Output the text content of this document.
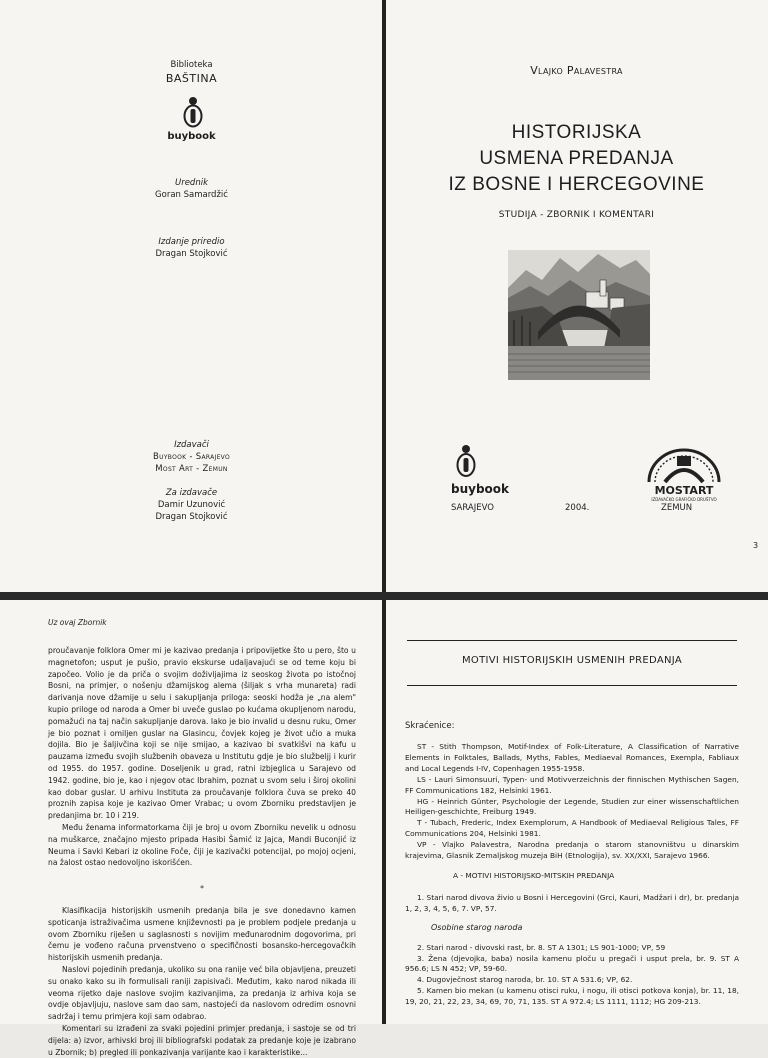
Biblioteka
BAŠTINA
buybook
Urednik
Goran Samardžić
Izdanje priredio
Dragan Stojković
Izdavači
Buybook - Sarajevo
Most Art - Zemun
Za izdavače
Damir Uzunović
Dragan Stojković
Vlajko Palavestra
HISTORIJSKA
USMENA PREDANJA
IZ BOSNE I HERCEGOVINE
STUDIJA - ZBORNIK I KOMENTARI
buybook	MOSTART
IZDAVAČKO GRAFIČKO DRUŠTVO
SARAJEVO	2004.	ZEMUN
3
Uz ovaj Zbornik

proučavanje folklora Omer mi je kazivao predanja i pripovijetke što u pero, što u magnetofon; usput je pušio, pravio ekskurse udaljavajući se od teme koju bi započeo. Volio je da priča o svojim doživljajima iz seoskog života po istočnoj Bosni, na primjer, o nošenju džamijskog alema (šiljak s vrha munareta) radi darivanja nove džamije u selu i sakupljanja priloga: seoski hodža je „na alem" kupio priloge od naroda a Omer bi uveče guslao po kućama okupljenom narodu, pomažući na taj način sakupljanje darova. Iako je bio invalid u desnu ruku, Omer je bio poznat i omiljen guslar na Glasincu, čovjek kojeg je život učio a muka dojila. Bio je šaljivčina koji se nije smijao, a kazivao bi svatkišvi na kafu u pauzama između svojih službenih obaveza u Institutu gdje je bio službeljj i kurir od 1955. do 1957. godine. Doseljenik u grad, ratni izbjeglica u Sarajevo od 1942. godine, bio je, kao i njegov otac Ibrahim, poznat u svom selu i široj okolini kao dobar guslar. U arhivu Instituta za proučavanje folklora čuva se preko 40 proznih zapisa koje je kazivao Omer Vrabac; u ovom Zborniku predstavljen je predanjima br. 10 i 219.

Među ženama informatorkama čiji je broj u ovom Zborniku nevelik u odnosu na muškarce, značajno mjesto pripada Hasibi Šamić iz Jajca, Mandi Buconjić iz Neuma i Savki Kebari iz okoline Foče, čiji je kazivački potencijal, po mojoj ocjeni, na žalost ostao nedovoljno iskorišćen.

*

Klasifikacija historijskih usmenih predanja bila je sve donedavno kamen spoticanja istraživačima usmene književnosti pa je problem podjele predanja u ovom Zborniku riješen u saglasnosti s novijim međunarodnim dogovorima, pri čemu je vođeno računa prvenstveno o specifičnosti bosansko-hercegovačkih historijskih usmenih predanja.

Naslovi pojedinih predanja, ukoliko su ona ranije već bila objavljena, preuzeti su onako kako su ih formulisali raniji zapisivači. Međutim, kako narod nikada ili veoma rijetko daje naslove svojim kazivanjima, za predanja iz arhiva koja se ovdje objavljuju, naslove sam dao sam, nastojeći da naslovom odredim osnovni sadržaj i temu primjera koji sam odabrao.

Komentari su izrađeni za svaki pojedini primjer predanja, i sastoje se od tri dijela: a) izvor, arhivski broj ili bibliografski podatak za predanje koje je izabrano u Zbornik; b) pregled ili ponkazivanja varijante kao i karakteristike...

MOTIVI HISTORIJSKIH USMENIH PREDANJA
Skraćenice:

ST - Stith Thompson, Motif-Index of Folk-Literature, A Classification of Narrative Elements in Folktales, Ballads, Myths, Fables, Mediaeval Romances, Exempla, Fabliaux and Local Legends I-IV, Copenhagen 1955-1958.

LS - Lauri Simonsuuri, Typen- und Motivverzeichnis der finnischen Mythischen Sagen, FF Communications 182, Helsinki 1961.

HG - Heinrich Günter, Psychologie der Legende, Studien zur einer wissenschaftlichen Heiligen-geschichte, Freiburg 1949.

T - Tubach, Frederic, Index Exemplorum, A Handbook of Mediaeval Religious Tales, FF Communications 204, Helsinki 1981.

VP - Vlajko Palavestra, Narodna predanja o starom stanovništvu u dinarskim krajevima, Glasnik Zemaljskog muzeja BiH (Etnologija), sv. XX/XXI, Sarajevo 1966.

A - MOTIVI HISTORIJSKO-MITSKIH PREDANJA

1. Stari narod divova živio u Bosni i Hercegovini (Grci, Kauri, Madžari i dr), br. predanja 1, 2, 3, 4, 5, 6, 7. VP, 57.

Osobine starog naroda

2. Stari narod - divovski rast, br. 8. ST A 1301; LS 901-1000; VP, 59

3. Žena (djevojka, baba) nosila kamenu ploču u pregači i usput prela, br. 9. ST A 956.6; LS N 452; VP, 59-60.

4. Dugovječnost starog naroda, br. 10. ST A 531.6; VP, 62.

5. Kamen bio mekan (u kamenu otisci ruku, i nogu, ili otisci potkova konja), br. 11, 18, 19, 20, 21, 22, 23, 34, 69, 70, 71, 135. ST A 972.4; LS 1111, 1112; HG 209-213.
